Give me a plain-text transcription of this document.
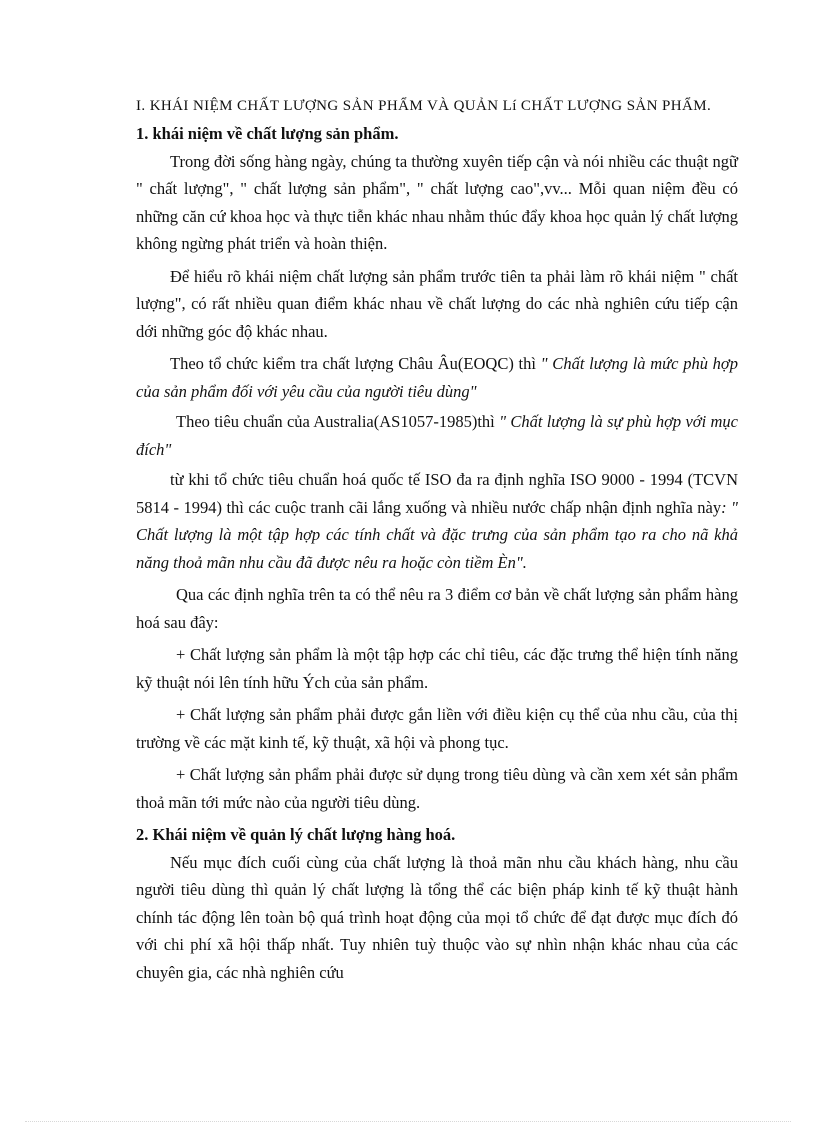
I. KHÁI NIỆM CHẤT LƯỢNG SẢN PHẨM VÀ QUẢN Lí CHẤT LƯỢNG SẢN PHẨM.

1. khái niệm về chất lượng sản phẩm.

Trong đời sống hàng ngày, chúng ta thường xuyên tiếp cận và nói nhiều các thuật ngữ " chất lượng", " chất lượng sản phẩm", " chất lượng cao",vv... Mỗi quan niệm đều có những căn cứ khoa học và thực tiễn khác nhau nhằm thúc đẩy khoa học quản lý chất lượng không ngừng phát triển và hoàn thiện.

Để hiểu rõ khái niệm chất lượng sản phẩm trước tiên ta phải làm rõ khái niệm " chất lượng", có rất nhiều quan điểm khác nhau về chất lượng do các nhà nghiên cứu tiếp cận dới những góc độ khác nhau.

Theo tổ chức kiểm tra chất lượng Châu Âu(EOQC) thì " Chất lượng là mức phù hợp của sản phẩm đối với yêu cầu của người tiêu dùng"

Theo tiêu chuẩn của Australia(AS1057-1985)thì " Chất lượng là sự phù hợp với mục đích"

từ khi tổ chức tiêu chuẩn hoá quốc tế ISO đa ra định nghĩa ISO 9000 - 1994 (TCVN 5814 - 1994) thì các cuộc tranh cãi lắng xuống và nhiều nước chấp nhận định nghĩa này: " Chất lượng là một tập hợp các tính chất và đặc trưng của sản phẩm tạo ra cho nã khả năng thoả mãn nhu cầu đã được nêu ra hoặc còn tiềm Èn".

Qua các định nghĩa trên ta có thể nêu ra 3 điểm cơ bản về chất lượng sản phẩm hàng hoá sau đây:

+ Chất lượng sản phẩm là một tập hợp các chỉ tiêu, các đặc trưng thể hiện tính năng kỹ thuật nói lên tính hữu Ých của sản phẩm.

+ Chất lượng sản phẩm phải được gắn liền với điều kiện cụ thể của nhu cầu, của thị trường về các mặt kinh tế, kỹ thuật, xã hội và phong tục.

+ Chất lượng sản phẩm phải được sử dụng trong tiêu dùng và cần xem xét sản phẩm thoả mãn tới mức nào của người tiêu dùng.

2. Khái niệm về quản lý chất lượng hàng hoá.

Nếu mục đích cuối cùng của chất lượng là thoả mãn nhu cầu khách hàng, nhu cầu người tiêu dùng thì quản lý chất lượng là tổng thể các biện pháp kinh tế kỹ thuật hành chính tác động lên toàn bộ quá trình hoạt động của mọi tổ chức để đạt được mục đích đó với chi phí xã hội thấp nhất. Tuy nhiên tuỳ thuộc vào sự nhìn nhận khác nhau của các chuyên gia, các nhà nghiên cứu
